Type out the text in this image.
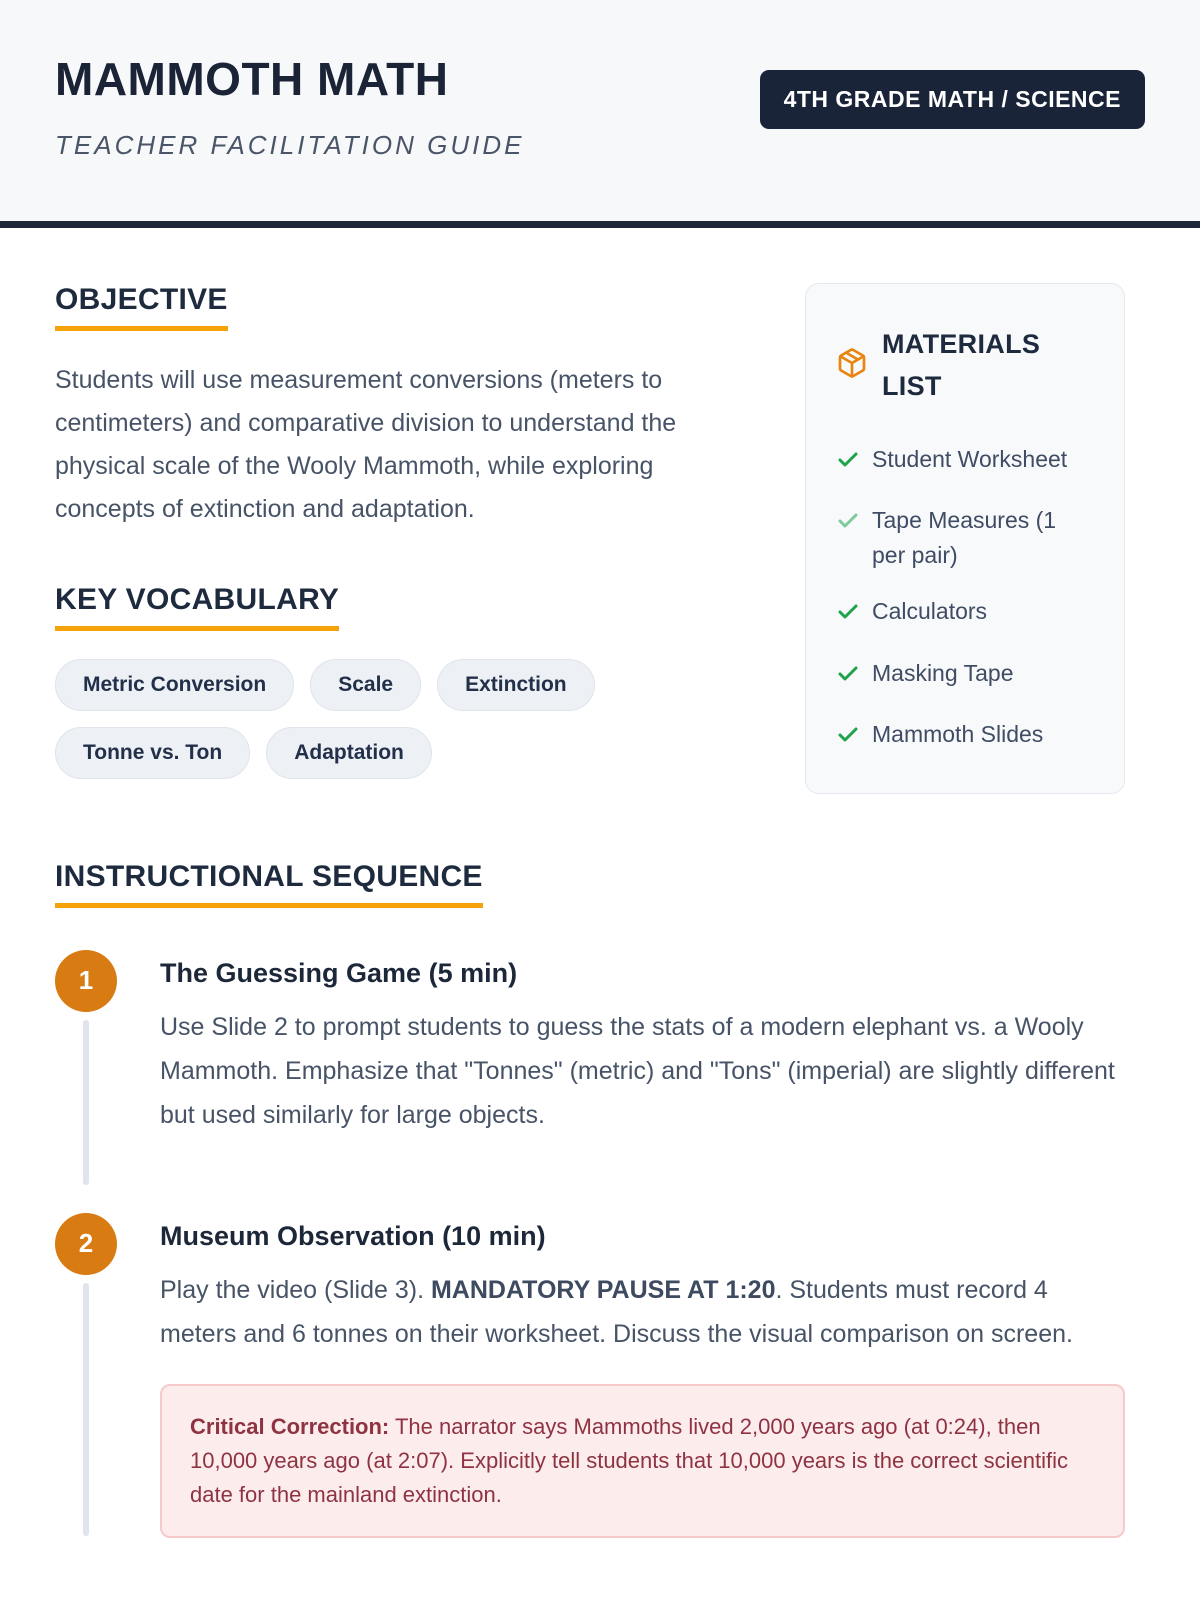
MAMMOTH MATH
TEACHER FACILITATION GUIDE
4TH GRADE MATH / SCIENCE
OBJECTIVE

Students will use measurement conversions (meters to centimeters) and comparative division to understand the physical scale of the Wooly Mammoth, while exploring concepts of extinction and adaptation.

KEY VOCABULARY
Metric Conversion	Scale	Extinction
Tonne vs. Ton	Adaptation
MATERIALS LIST
Student Worksheet
Tape Measures (1 per pair)
Calculators
Masking Tape
Mammoth Slides
INSTRUCTIONAL SEQUENCE
1	The Guessing Game (5 min)

Use Slide 2 to prompt students to guess the stats of a modern elephant vs. a Wooly Mammoth. Emphasize that "Tonnes" (metric) and "Tons" (imperial) are slightly different but used similarly for large objects.

2	Museum Observation (10 min)

Play the video (Slide 3). MANDATORY PAUSE AT 1:20. Students must record 4 meters and 6 tonnes on their worksheet. Discuss the visual comparison on screen.

Critical Correction: The narrator says Mammoths lived 2,000 years ago (at 0:24), then 10,000 years ago (at 2:07). Explicitly tell students that 10,000 years is the correct scientific date for the mainland extinction.
